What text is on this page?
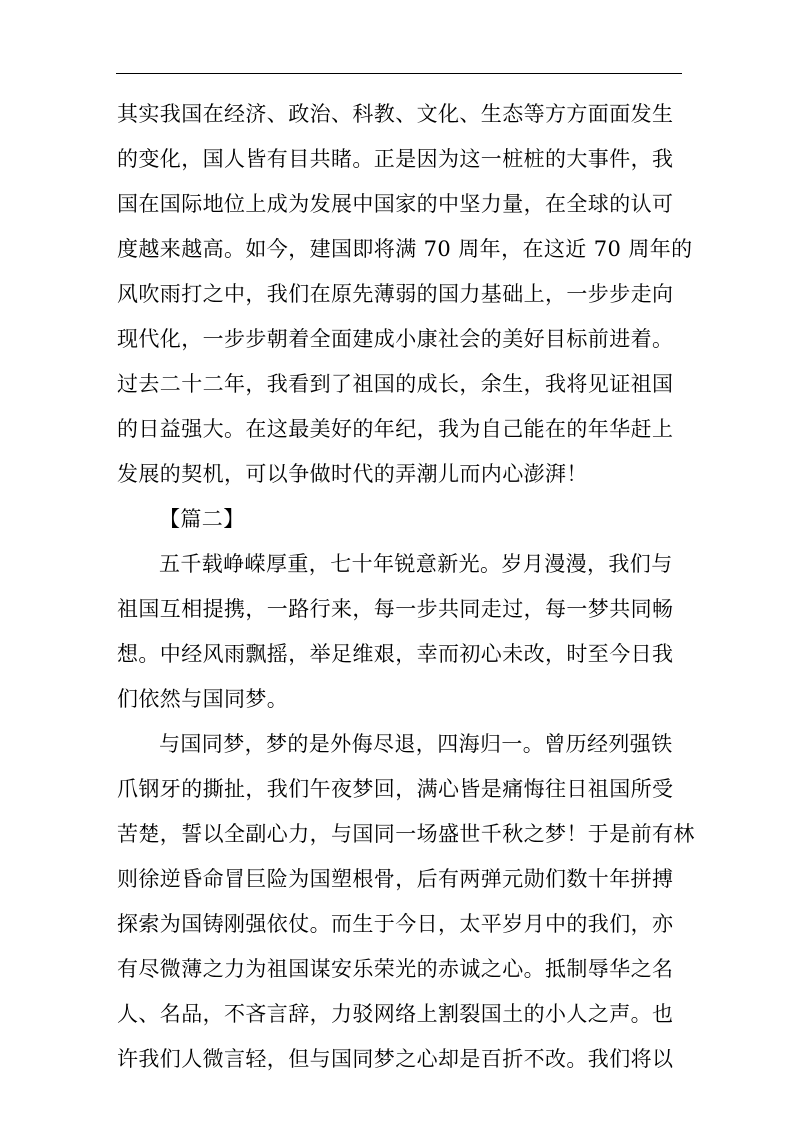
其实我国在经济、政治、科教、文化、生态等方方面面发生
的变化，国人皆有目共睹。正是因为这一桩桩的大事件，我
国在国际地位上成为发展中国家的中坚力量，在全球的认可
度越来越高。如今，建国即将满 70 周年，在这近 70 周年的
风吹雨打之中，我们在原先薄弱的国力基础上，一步步走向
现代化，一步步朝着全面建成小康社会的美好目标前进着。
过去二十二年，我看到了祖国的成长，余生，我将见证祖国
的日益强大。在这最美好的年纪，我为自己能在的年华赶上
发展的契机，可以争做时代的弄潮儿而内心澎湃！
【篇二】
五千载峥嵘厚重，七十年锐意新光。岁月漫漫，我们与
祖国互相提携，一路行来，每一步共同走过，每一梦共同畅
想。中经风雨飘摇，举足维艰，幸而初心未改，时至今日我
们依然与国同梦。
与国同梦，梦的是外侮尽退，四海归一。曾历经列强铁
爪钢牙的撕扯，我们午夜梦回，满心皆是痛悔往日祖国所受
苦楚，誓以全副心力，与国同一场盛世千秋之梦！于是前有林
则徐逆昏命冒巨险为国塑根骨，后有两弹元勋们数十年拼搏
探索为国铸刚强依仗。而生于今日，太平岁月中的我们，亦
有尽微薄之力为祖国谋安乐荣光的赤诚之心。抵制辱华之名
人、名品，不吝言辞，力驳网络上割裂国土的小人之声。也
许我们人微言轻，但与国同梦之心却是百折不改。我们将以
